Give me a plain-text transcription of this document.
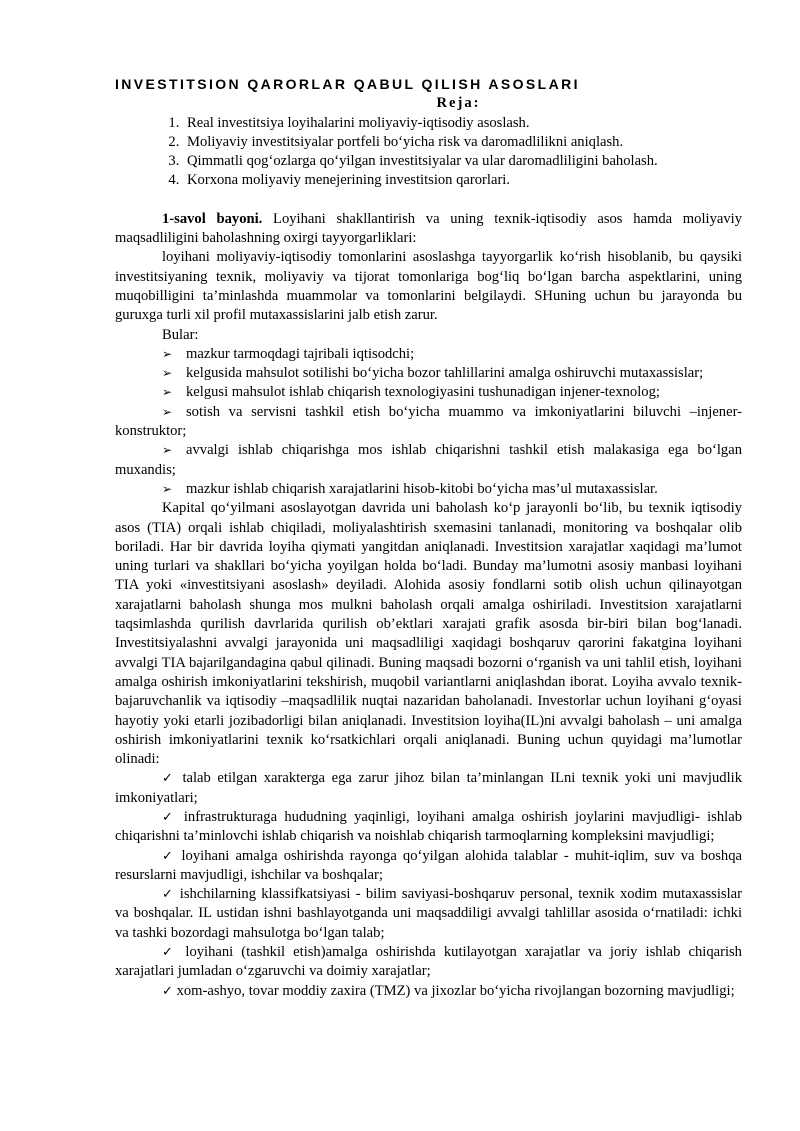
INVESTITSION QARORLAR QABUL QILISH ASOSLARI

Reja:

1. Real investitsiya loyihalarini moliyaviy-iqtisodiy asoslash.
2. Moliyaviy investitsiyalar portfeli bo‘yicha risk va daromadlilikni aniqlash.
3. Qimmatli qog‘ozlarga qo‘yilgan investitsiyalar va ular daromadliligini baholash.
4. Korxona moliyaviy menejerining investitsion qarorlari.

1-savol bayoni. Loyihani shakllantirish va uning texnik-iqtisodiy asos hamda moliyaviy maqsadliligini baholashning oxirgi tayyorgarliklari:

loyihani moliyaviy-iqtisodiy tomonlarini asoslashga tayyorgarlik ko‘rish hisoblanib, bu qaysiki investitsiyaning texnik, moliyaviy va tijorat tomonlariga bog‘liq bo‘lgan barcha aspektlarini, uning muqobilligini ta’minlashda muammolar va tomonlarini belgilaydi. SHuning uchun bu jarayonda bu guruxga turli xil profil mutaxassislarini jalb etish zarur.

Bular:

➢ mazkur tarmoqdagi tajribali iqtisodchi;

➢ kelgusida mahsulot sotilishi bo‘yicha bozor tahlillarini amalga oshiruvchi mutaxassislar;

➢ kelgusi mahsulot ishlab chiqarish texnologiyasini tushunadigan injener-texnolog;

➢ sotish va servisni tashkil etish bo‘yicha muammo va imkoniyatlarini biluvchi –injener-konstruktor;

➢ avvalgi ishlab chiqarishga mos ishlab chiqarishni tashkil etish malakasiga ega bo‘lgan muxandis;

➢ mazkur ishlab chiqarish xarajatlarini hisob-kitobi bo‘yicha mas’ul mutaxassislar.

Kapital qo‘yilmani asoslayotgan davrida uni baholash ko‘p jarayonli bo‘lib, bu texnik iqtisodiy asos (TIA) orqali ishlab chiqiladi, moliyalashtirish sxemasini tanlanadi, monitoring va boshqalar olib boriladi. Har bir davrida loyiha qiymati yangitdan aniqlanadi. Investitsion xarajatlar xaqidagi ma’lumot uning turlari va shakllari bo‘yicha yoyilgan holda bo‘ladi. Bunday ma’lumotni asosiy manbasi loyihani TIA yoki «investitsiyani asoslash» deyiladi. Alohida asosiy fondlarni sotib olish uchun qilinayotgan xarajatlarni baholash shunga mos mulkni baholash orqali amalga oshiriladi. Investitsion xarajatlarni taqsimlashda qurilish davrlarida qurilish ob’ektlari xarajati grafik asosda bir-biri bilan bog‘lanadi. Investitsiyalashni avvalgi jarayonida uni maqsadliligi xaqidagi boshqaruv qarorini fakatgina loyihani avvalgi TIA bajarilgandagina qabul qilinadi. Buning maqsadi bozorni o‘rganish va uni tahlil etish, loyihani amalga oshirish imkoniyatlarini tekshirish, muqobil variantlarni aniqlashdan iborat. Loyiha avvalo texnik-bajaruvchanlik va iqtisodiy –maqsadlilik nuqtai nazaridan baholanadi. Investorlar uchun loyihani g‘oyasi hayotiy yoki etarli jozibadorligi bilan aniqlanadi. Investitsion loyiha(IL)ni avvalgi baholash – uni amalga oshirish imkoniyatlarini texnik ko‘rsatkichlari orqali aniqlanadi. Buning uchun quyidagi ma’lumotlar olinadi:

✓ talab etilgan xarakterga ega zarur jihoz bilan ta’minlangan ILni texnik yoki uni mavjudlik imkoniyatlari;

✓ infrastrukturaga hududning yaqinligi, loyihani amalga oshirish joylarini mavjudligi- ishlab chiqarishni ta’minlovchi ishlab chiqarish va noishlab chiqarish tarmoqlarning kompleksini mavjudligi;

✓ loyihani amalga oshirishda rayonga qo‘yilgan alohida talablar - muhit-iqlim, suv va boshqa resurslarni mavjudligi, ishchilar va boshqalar;

✓ ishchilarning klassifkatsiyasi - bilim saviyasi-boshqaruv personal, texnik xodim mutaxassislar va boshqalar. IL ustidan ishni bashlayotganda uni maqsaddiligi avvalgi tahlillar asosida o‘rnatiladi: ichki va tashki bozordagi mahsulotga bo‘lgan talab;

✓ loyihani (tashkil etish)amalga oshirishda kutilayotgan xarajatlar va joriy ishlab chiqarish xarajatlari jumladan o‘zgaruvchi va doimiy xarajatlar;

✓ xom-ashyo, tovar moddiy zaxira (TMZ) va jixozlar bo‘yicha rivojlangan bozorning mavjudligi;
